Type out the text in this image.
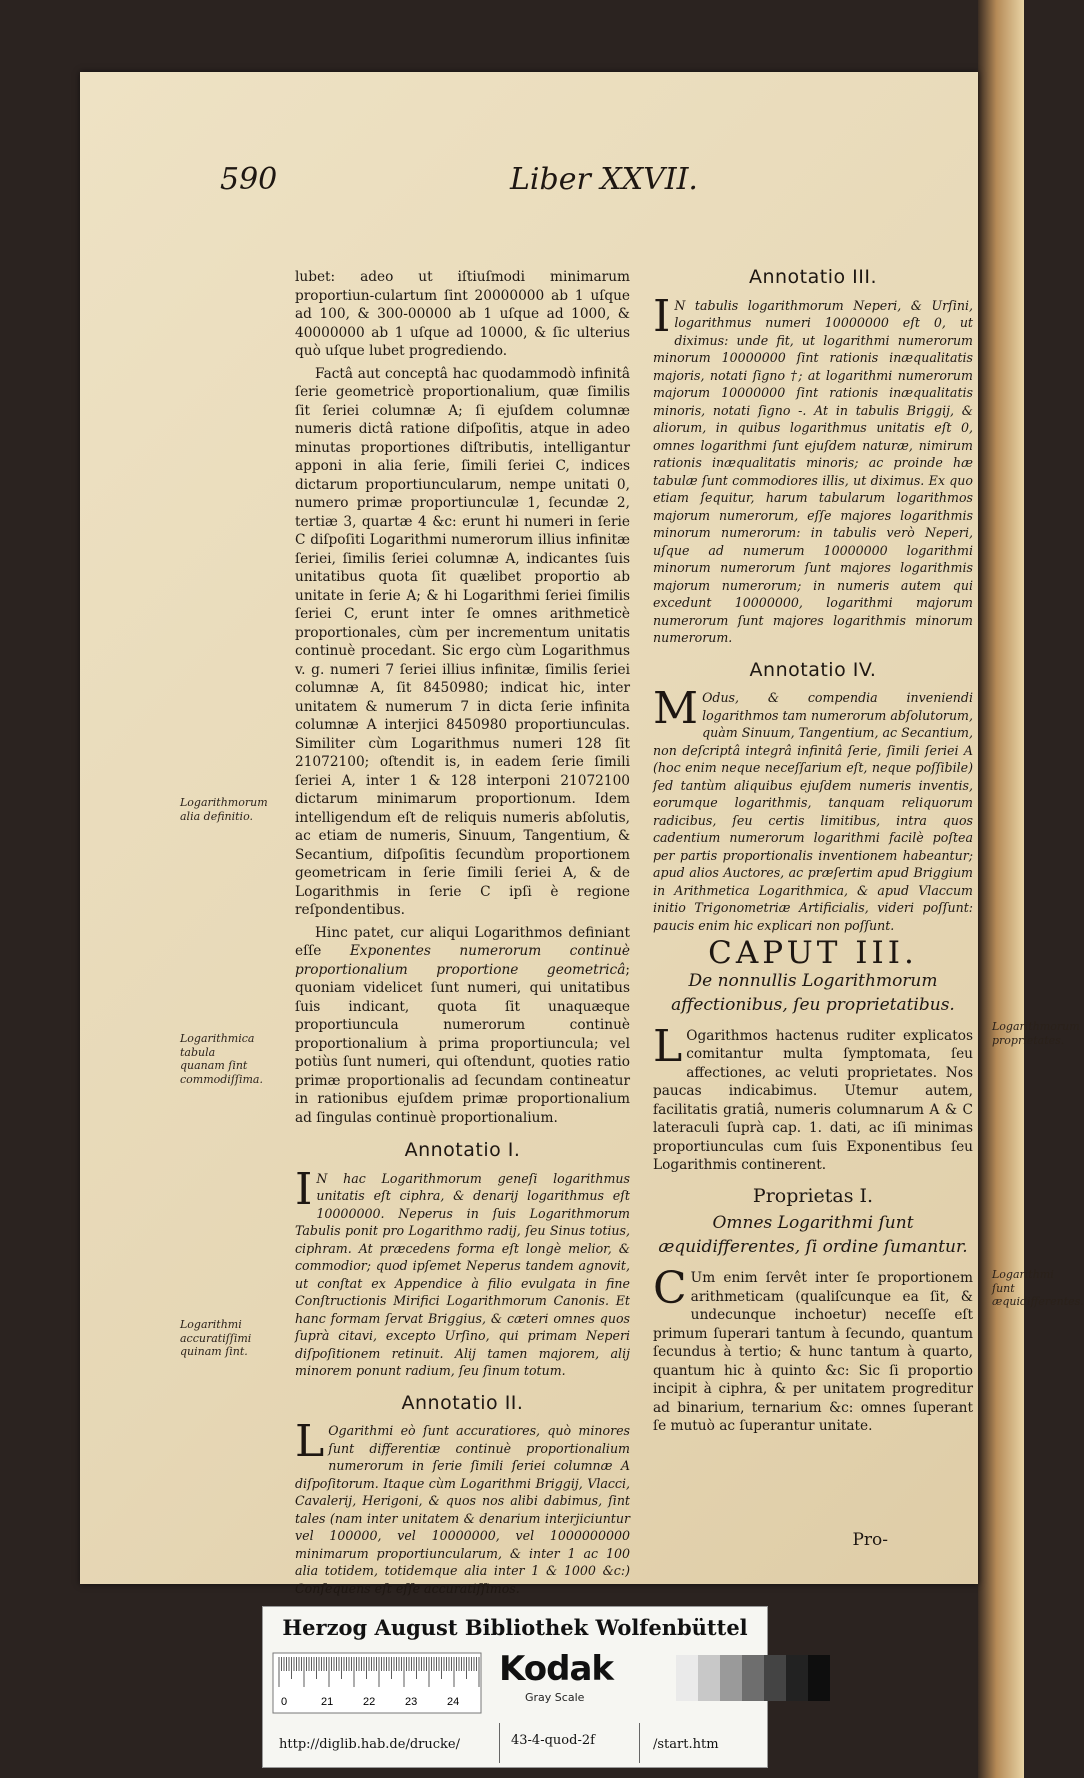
590	Liber XXVII.

lubet: adeo ut iſtiuſmodi minimarum proportiun-culartum ſint 20000000 ab 1 uſque ad 100, & 300-00000 ab 1 uſque ad 1000, & 40000000 ab 1 uſque ad 10000, & ſic ulterius quò uſque lubet progrediendo.

Factâ aut conceptâ hac quodammodò infinitâ ſerie geometricè proportionalium, quæ ſimilis ſit ſeriei columnæ A; ſi ejuſdem columnæ numeris dictâ ratione diſpoſitis, atque in adeo minutas proportiones diſtributis, intelligantur apponi in alia ſerie, ſimili ſeriei C, indices dictarum proportiuncularum, nempe unitati 0, numero primæ proportiunculæ 1, ſecundæ 2, tertiæ 3, quartæ 4 &c: erunt hi numeri in ſerie C diſpoſiti Logarithmi numerorum illius infinitæ ſeriei, ſimilis ſeriei columnæ A, indicantes ſuis unitatibus quota ſit quælibet proportio ab unitate in ſerie A; & hi Logarithmi ſeriei ſimilis ſeriei C, erunt inter ſe omnes arithmeticè proportionales, cùm per incrementum unitatis continuè procedant. Sic ergo cùm Logarithmus v. g. numeri 7 ſeriei illius infinitæ, ſimilis ſeriei columnæ A, ſit 8450980; indicat hic, inter unitatem & numerum 7 in dicta ſerie infinita columnæ A interjici 8450980 proportiunculas. Similiter cùm Logarithmus numeri 128 ſit 21072100; oſtendit is, in eadem ſerie ſimili ſeriei A, inter 1 & 128 interponi 21072100 dictarum minimarum proportionum. Idem intelligendum eſt de reliquis numeris abſolutis, ac etiam de numeris, Sinuum, Tangentium, & Secantium, diſpoſitis ſecundùm proportionem geometricam in ſerie ſimili ſeriei A, & de Logarithmis in ſerie C ipſi è regione reſpondentibus.

Hinc patet, cur aliqui Logarithmos definiant eſſe Exponentes numerorum continuè proportionalium proportione geometricâ; quoniam videlicet ſunt numeri, qui unitatibus ſuis indicant, quota ſit unaquæque proportiuncula numerorum continuè proportionalium à prima proportiuncula; vel potiùs ſunt numeri, qui oſtendunt, quoties ratio primæ proportionalis ad ſecundam contineatur in rationibus ejuſdem primæ proportionalium ad ſingulas continuè proportionalium.

Annotatio I.

I N hac Logarithmorum geneſi logarithmus unitatis eſt ciphra, & denarij logarithmus eſt 10000000. Neperus in ſuis Logarithmorum Tabulis ponit pro Logarithmo radij, ſeu Sinus totius, ciphram. At præcedens forma eſt longè melior, & commodior; quod ipſemet Neperus tandem agnovit, ut conſtat ex Appendice à filio evulgata in fine Conſtructionis Mirifici Logarithmorum Canonis. Et hanc formam ſervat Briggius, & cæteri omnes quos ſuprà citavi, excepto Urſino, qui primam Neperi diſpoſitionem retinuit. Alij tamen majorem, alij minorem ponunt radium, ſeu ſinum totum.

Annotatio II.

L Ogarithmi eò ſunt accuratiores, quò minores ſunt differentiæ continuè proportionalium numerorum in ſerie ſimili ſeriei columnæ A diſpoſitorum. Itaque cùm Logarithmi Briggij, Vlacci, Cavalerij, Herigoni, & quos nos alibi dabimus, ſint tales (nam inter unitatem & denarium interjiciuntur vel 100000, vel 10000000, vel 1000000000 minimarum proportiuncularum, & inter 1 ac 100 alia totidem, totidemque alia inter 1 & 1000 &c:) Conſequens eſt eſſe accuratiſſimos.

Annotatio III.

I N tabulis logarithmorum Neperi, & Urſini, logarithmus numeri 10000000 eſt 0, ut diximus: unde fit, ut logarithmi numerorum minorum 10000000 ſint rationis inæqualitatis majoris, notati ſigno †; at logarithmi numerorum majorum 10000000 ſint rationis inæqualitatis minoris, notati ſigno -. At in tabulis Briggij, & aliorum, in quibus logarithmus unitatis eſt 0, omnes logarithmi ſunt ejuſdem naturæ, nimirum rationis inæqualitatis minoris; ac proinde hæ tabulæ ſunt commodiores illis, ut diximus. Ex quo etiam ſequitur, harum tabularum logarithmos majorum numerorum, eſſe majores logarithmis minorum numerorum: in tabulis verò Neperi, uſque ad numerum 10000000 logarithmi minorum numerorum ſunt majores logarithmis majorum numerorum; in numeris autem qui excedunt 10000000, logarithmi majorum numerorum ſunt majores logarithmis minorum numerorum.

Annotatio IV.

M Odus, & compendia inveniendi logarithmos tam numerorum abſolutorum, quàm Sinuum, Tangentium, ac Secantium, non deſcriptâ integrâ infinitâ ſerie, ſimili ſeriei A (hoc enim neque neceſſarium eſt, neque poſſibile) ſed tantùm aliquibus ejuſdem numeris inventis, eorumque logarithmis, tanquam reliquorum radicibus, ſeu certis limitibus, intra quos cadentium numerorum logarithmi facilè poſtea per partis proportionalis inventionem habeantur; apud alios Auctores, ac præſertim apud Briggium in Arithmetica Logarithmica, & apud Vlaccum initio Trigonometriæ Artificialis, videri poſſunt: paucis enim hic explicari non poſſunt.

CAPUT III.
De nonnullis Logarithmorum affectionibus, ſeu proprietatibus.

L Ogarithmos hactenus ruditer explicatos comitantur multa ſymptomata, ſeu affectiones, ac veluti proprietates. Nos paucas indicabimus. Utemur autem, facilitatis gratiâ, numeris columnarum A & C lateraculi ſuprà cap. 1. dati, ac iſi minimas proportiunculas cum ſuis Exponentibus ſeu Logarithmis continerent.

Proprietas I.
Omnes Logarithmi ſunt æquidifferentes, ſi ordine ſumantur.

C Um enim ſervêt inter ſe proportionem arithmeticam (qualiſcunque ea ſit, & undecunque inchoetur) neceſſe eſt primum ſuperari tantum à ſecundo, quantum ſecundus à tertio; & hunc tantum à quarto, quantum hic à quinto &c: Sic ſi proportio incipit à ciphra, & per unitatem progreditur ad binarium, ternarium &c: omnes ſuperant ſe mutuò ac ſuperantur unitate.

Pro-
Logarithmorum alia definitio.
Logarithmica tabula quanam ſint commodiſſima.
Logarithmi accuratiſſimi quinam ſint.
Logarithmorum proprietates.
Logarithmi ſunt æquidifferentes.
Herzog August Bibliothek Wolfenbüttel
0	21	22	23	24
Kodak
Gray Scale
http://diglib.hab.de/drucke/	43-4-quod-2f	/start.htm
